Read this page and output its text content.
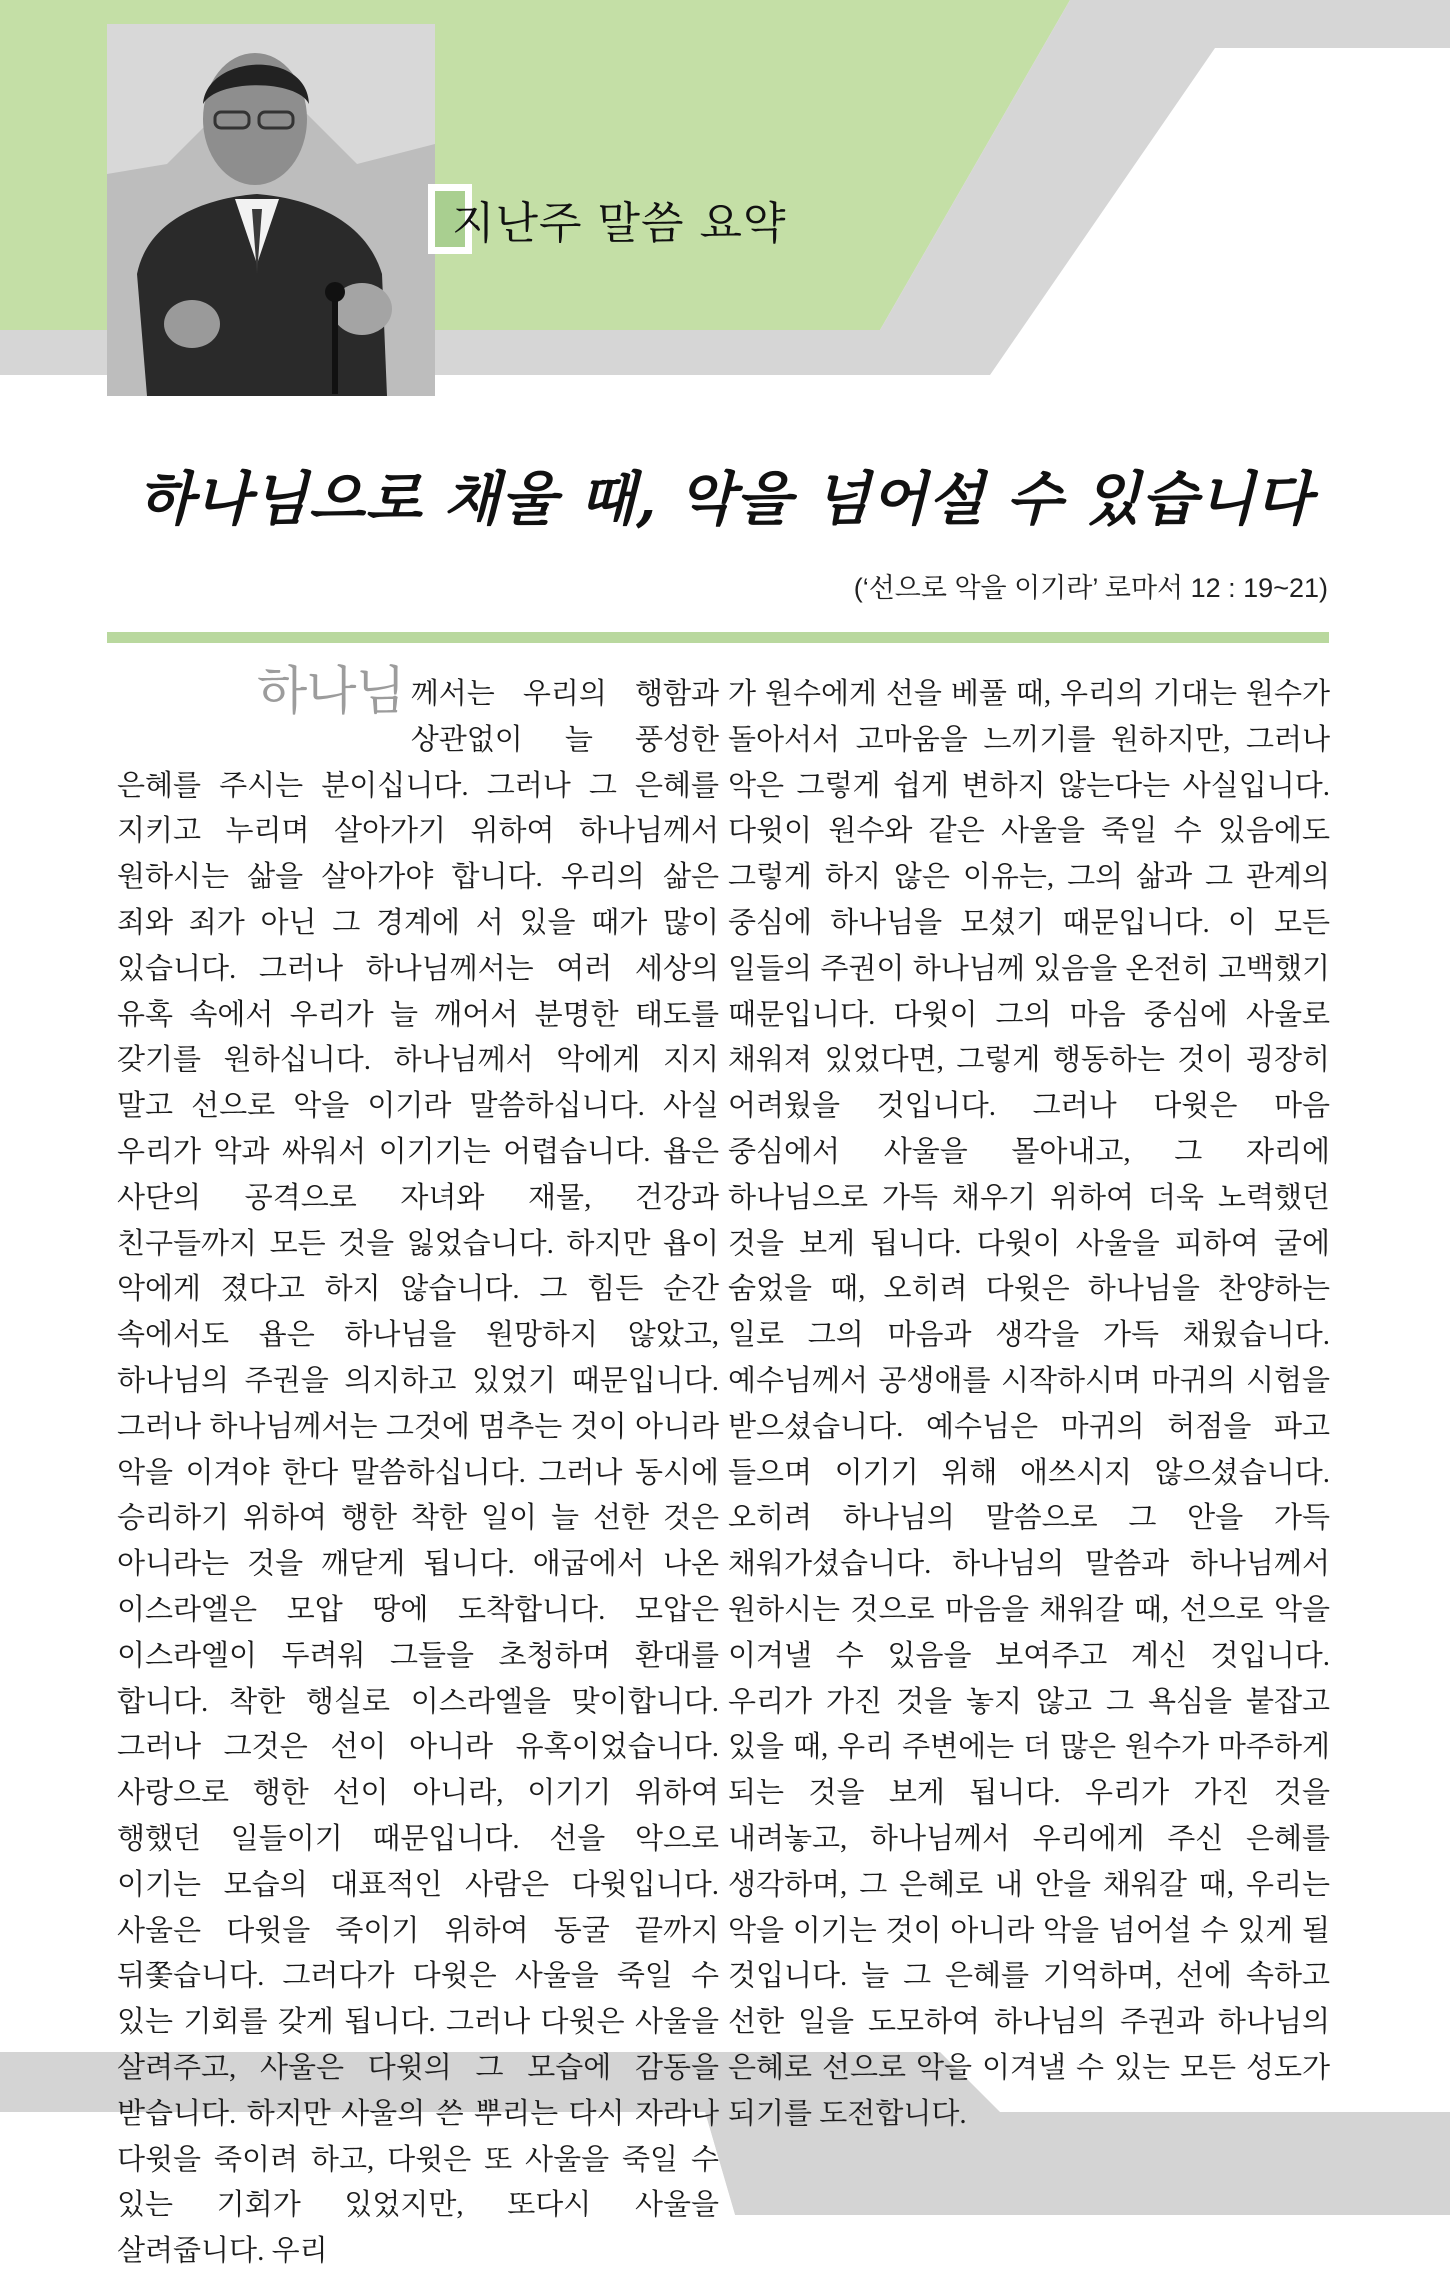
지난주 말씀 요약
하나님으로 채울 때, 악을 넘어설 수 있습니다
(‘선으로 악을 이기라’ 로마서 12 : 19~21)

하나님 께서는 우리의 행함과 상관없이 늘 풍성한 은혜를 주시는 분이십니다. 그러나 그 은혜를 지키고 누리며 살아가기 위하여 하나님께서 원하시는 삶을 살아가야 합니다. 우리의 삶은 죄와 죄가 아닌 그 경계에 서 있을 때가 많이 있습니다. 그러나 하나님께서는 여러 세상의 유혹 속에서 우리가 늘 깨어서 분명한 태도를 갖기를 원하십니다. 하나님께서 악에게 지지 말고 선으로 악을 이기라 말씀하십니다. 사실 우리가 악과 싸워서 이기기는 어렵습니다. 욥은 사단의 공격으로 자녀와 재물, 건강과 친구들까지 모든 것을 잃었습니다. 하지만 욥이 악에게 졌다고 하지 않습니다. 그 힘든 순간 속에서도 욥은 하나님을 원망하지 않았고, 하나님의 주권을 의지하고 있었기 때문입니다. 그러나 하나님께서는 그것에 멈추는 것이 아니라 악을 이겨야 한다 말씀하십니다. 그러나 동시에 승리하기 위하여 행한 착한 일이 늘 선한 것은 아니라는 것을 깨닫게 됩니다. 애굽에서 나온 이스라엘은 모압 땅에 도착합니다. 모압은 이스라엘이 두려워 그들을 초청하며 환대를 합니다. 착한 행실로 이스라엘을 맞이합니다. 그러나 그것은 선이 아니라 유혹이었습니다. 사랑으로 행한 선이 아니라, 이기기 위하여 행했던 일들이기 때문입니다. 선을 악으로 이기는 모습의 대표적인 사람은 다윗입니다. 사울은 다윗을 죽이기 위하여 동굴 끝까지 뒤쫓습니다. 그러다가 다윗은 사울을 죽일 수 있는 기회를 갖게 됩니다. 그러나 다윗은 사울을 살려주고, 사울은 다윗의 그 모습에 감동을 받습니다. 하지만 사울의 쓴 뿌리는 다시 자라나 다윗을 죽이려 하고, 다윗은 또 사울을 죽일 수 있는 기회가 있었지만, 또다시 사울을 살려줍니다. 우리

가 원수에게 선을 베풀 때, 우리의 기대는 원수가 돌아서서 고마움을 느끼기를 원하지만, 그러나 악은 그렇게 쉽게 변하지 않는다는 사실입니다. 다윗이 원수와 같은 사울을 죽일 수 있음에도 그렇게 하지 않은 이유는, 그의 삶과 그 관계의 중심에 하나님을 모셨기 때문입니다. 이 모든 일들의 주권이 하나님께 있음을 온전히 고백했기 때문입니다. 다윗이 그의 마음 중심에 사울로 채워져 있었다면, 그렇게 행동하는 것이 굉장히 어려웠을 것입니다. 그러나 다윗은 마음 중심에서 사울을 몰아내고, 그 자리에 하나님으로 가득 채우기 위하여 더욱 노력했던 것을 보게 됩니다. 다윗이 사울을 피하여 굴에 숨었을 때, 오히려 다윗은 하나님을 찬양하는 일로 그의 마음과 생각을 가득 채웠습니다. 예수님께서 공생애를 시작하시며 마귀의 시험을 받으셨습니다. 예수님은 마귀의 허점을 파고 들으며 이기기 위해 애쓰시지 않으셨습니다. 오히려 하나님의 말씀으로 그 안을 가득 채워가셨습니다. 하나님의 말씀과 하나님께서 원하시는 것으로 마음을 채워갈 때, 선으로 악을 이겨낼 수 있음을 보여주고 계신 것입니다. 우리가 가진 것을 놓지 않고 그 욕심을 붙잡고 있을 때, 우리 주변에는 더 많은 원수가 마주하게 되는 것을 보게 됩니다. 우리가 가진 것을 내려놓고, 하나님께서 우리에게 주신 은혜를 생각하며, 그 은혜로 내 안을 채워갈 때, 우리는 악을 이기는 것이 아니라 악을 넘어설 수 있게 될 것입니다. 늘 그 은혜를 기억하며, 선에 속하고 선한 일을 도모하여 하나님의 주권과 하나님의 은혜로 선으로 악을 이겨낼 수 있는 모든 성도가 되기를 도전합니다.
